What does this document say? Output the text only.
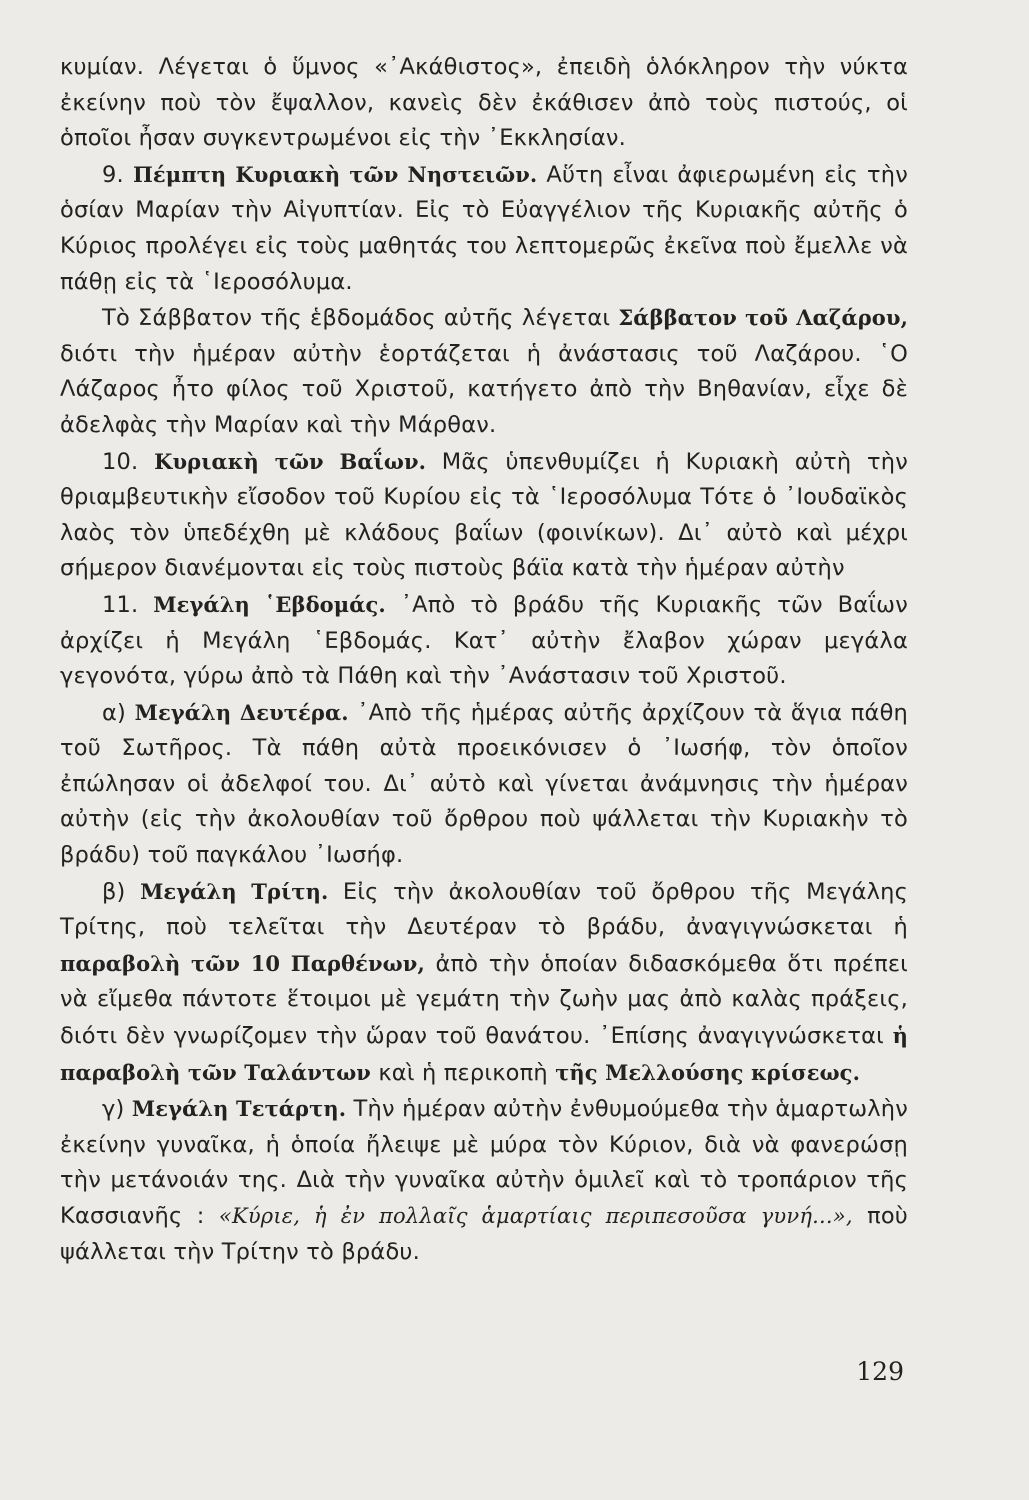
κυμίαν. Λέγεται ὁ ὕμνος «᾿Ακάθιστος», ἐπειδὴ ὁλόκληρον τὴν νύκτα ἐκείνην ποὺ τὸν ἔψαλλον, κανεὶς δὲν ἐκάθισεν ἀπὸ τοὺς πιστούς, οἱ ὁποῖοι ἦσαν συγκεντρωμένοι εἰς τὴν ᾿Εκκλησίαν.

9. Πέμπτη Κυριακὴ τῶν Νηστειῶν. Αὕτη εἶναι ἀφιερωμένη εἰς τὴν ὁσίαν Μαρίαν τὴν Αἰγυπτίαν. Εἰς τὸ Εὐαγγέλιον τῆς Κυριακῆς αὐτῆς ὁ Κύριος προλέγει εἰς τοὺς μαθητάς του λεπτομερῶς ἐκεῖνα ποὺ ἔμελλε νὰ πάθῃ εἰς τὰ ῾Ιεροσόλυμα.

Τὸ Σάββατον τῆς ἑβδομάδος αὐτῆς λέγεται Σάββατον τοῦ Λαζάρου, διότι τὴν ἡμέραν αὐτὴν ἑορτάζεται ἡ ἀνάστασις τοῦ Λαζάρου. ῾Ο Λάζαρος ἦτο φίλος τοῦ Χριστοῦ, κατήγετο ἀπὸ τὴν Βηθανίαν, εἶχε δὲ ἀδελφὰς τὴν Μαρίαν καὶ τὴν Μάρθαν.

10. Κυριακὴ τῶν Βαΐων. Μᾶς ὑπενθυμίζει ἡ Κυριακὴ αὐτὴ τὴν θριαμβευτικὴν εἴσοδον τοῦ Κυρίου εἰς τὰ ῾Ιεροσόλυμα Τότε ὁ ᾿Ιουδαϊκὸς λαὸς τὸν ὑπεδέχθη μὲ κλάδους βαΐων (φοινίκων). Δι᾿ αὐτὸ καὶ μέχρι σήμερον διανέμονται εἰς τοὺς πιστοὺς βάϊα κατὰ τὴν ἡμέραν αὐτὴν

11. Μεγάλη ῾Εβδομάς. ᾿Απὸ τὸ βράδυ τῆς Κυριακῆς τῶν Βαΐων ἀρχίζει ἡ Μεγάλη ῾Εβδομάς. Κατ᾿ αὐτὴν ἔλαβον χώραν μεγάλα γεγονότα, γύρω ἀπὸ τὰ Πάθη καὶ τὴν ᾿Ανάστασιν τοῦ Χριστοῦ.

α) Μεγάλη Δευτέρα. ᾿Απὸ τῆς ἡμέρας αὐτῆς ἀρχίζουν τὰ ἅγια πάθη τοῦ Σωτῆρος. Τὰ πάθη αὐτὰ προεικόνισεν ὁ ᾿Ιωσήφ, τὸν ὁποῖον ἐπώλησαν οἱ ἀδελφοί του. Δι᾿ αὐτὸ καὶ γίνεται ἀνάμνησις τὴν ἡμέραν αὐτὴν (εἰς τὴν ἀκολουθίαν τοῦ ὄρθρου ποὺ ψάλλεται τὴν Κυριακὴν τὸ βράδυ) τοῦ παγκάλου ᾿Ιωσήφ.

β) Μεγάλη Τρίτη. Εἰς τὴν ἀκολουθίαν τοῦ ὄρθρου τῆς Μεγάλης Τρίτης, ποὺ τελεῖται τὴν Δευτέραν τὸ βράδυ, ἀναγιγνώσκεται ἡ παραβολὴ τῶν 10 Παρθένων, ἀπὸ τὴν ὁποίαν διδασκόμεθα ὅτι πρέπει νὰ εἴμεθα πάντοτε ἕτοιμοι μὲ γεμάτη τὴν ζωὴν μας ἀπὸ καλὰς πράξεις, διότι δὲν γνωρίζομεν τὴν ὥραν τοῦ θανάτου. ᾿Επίσης ἀναγιγνώσκεται ἡ παραβολὴ τῶν Ταλάντων καὶ ἡ περικοπὴ τῆς Μελλούσης κρίσεως.

γ) Μεγάλη Τετάρτη. Τὴν ἡμέραν αὐτὴν ἐνθυμούμεθα τὴν ἁμαρτωλὴν ἐκείνην γυναῖκα, ἡ ὁποία ἤλειψε μὲ μύρα τὸν Κύριον, διὰ νὰ φανερώσῃ τὴν μετάνοιάν της. Διὰ τὴν γυναῖκα αὐτὴν ὁμιλεῖ καὶ τὸ τροπάριον τῆς Κασσιανῆς : «Κύριε, ἡ ἐν πολλαῖς ἁμαρτίαις περιπεσοῦσα γυνή...», ποὺ ψάλλεται τὴν Τρίτην τὸ βράδυ.

129
